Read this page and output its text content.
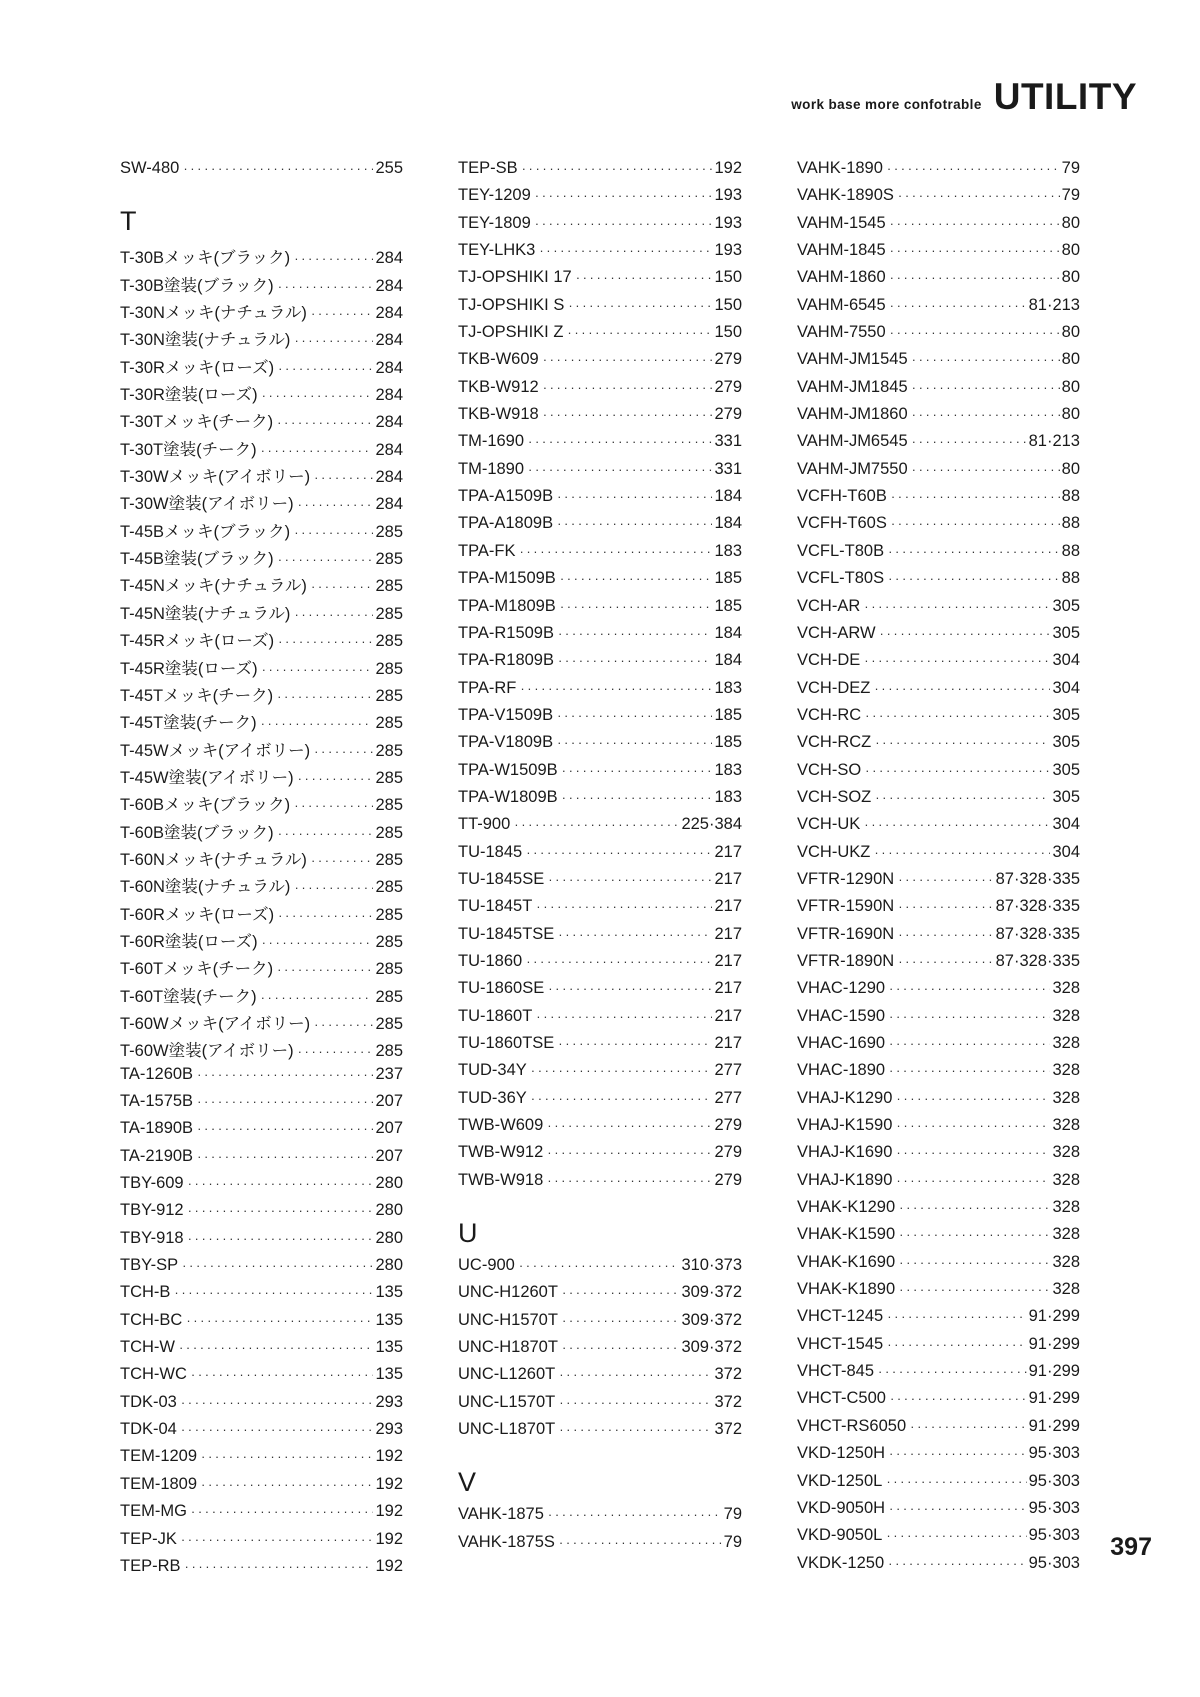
work base more confotrable UTILITY
SW-480 ·····	255
T
T-30Bメッキ(ブラック) ·····	284
T-30B塗装(ブラック) ·····	284
T-30Nメッキ(ナチュラル) ·····	284
T-30N塗装(ナチュラル) ·····	284
T-30Rメッキ(ローズ) ·····	284
T-30R塗装(ローズ) ·····	284
T-30Tメッキ(チーク) ·····	284
T-30T塗装(チーク) ·····	284
T-30Wメッキ(アイボリー) ·····	284
T-30W塗装(アイボリー) ·····	284
T-45Bメッキ(ブラック) ·····	285
T-45B塗装(ブラック) ·····	285
T-45Nメッキ(ナチュラル) ·····	285
T-45N塗装(ナチュラル) ·····	285
T-45Rメッキ(ローズ) ·····	285
T-45R塗装(ローズ) ·····	285
T-45Tメッキ(チーク) ·····	285
T-45T塗装(チーク) ·····	285
T-45Wメッキ(アイボリー) ·····	285
T-45W塗装(アイボリー) ·····	285
T-60Bメッキ(ブラック) ·····	285
T-60B塗装(ブラック) ·····	285
T-60Nメッキ(ナチュラル) ·····	285
T-60N塗装(ナチュラル) ·····	285
T-60Rメッキ(ローズ) ·····	285
T-60R塗装(ローズ) ·····	285
T-60Tメッキ(チーク) ·····	285
T-60T塗装(チーク) ·····	285
T-60Wメッキ(アイボリー) ·····	285
T-60W塗装(アイボリー) ·····	285
TA-1260B ·····	237
TA-1575B ·····	207
TA-1890B ·····	207
TA-2190B ·····	207
TBY-609 ·····	280
TBY-912 ·····	280
TBY-918 ·····	280
TBY-SP ·····	280
TCH-B ·····	135
TCH-BC ·····	135
TCH-W ·····	135
TCH-WC ·····	135
TDK-03 ·····	293
TDK-04 ·····	293
TEM-1209 ·····	192
TEM-1809 ·····	192
TEM-MG ·····	192
TEP-JK ·····	192
TEP-RB ·····	192
TEP-SB ·····	192
TEY-1209 ·····	193
TEY-1809 ·····	193
TEY-LHK3 ·····	193
TJ-OPSHIKI 17 ·····	150
TJ-OPSHIKI S ·····	150
TJ-OPSHIKI Z ·····	150
TKB-W609 ·····	279
TKB-W912 ·····	279
TKB-W918 ·····	279
TM-1690 ·····	331
TM-1890 ·····	331
TPA-A1509B ·····	184
TPA-A1809B ·····	184
TPA-FK ·····	183
TPA-M1509B ·····	185
TPA-M1809B ·····	185
TPA-R1509B ·····	184
TPA-R1809B ·····	184
TPA-RF ·····	183
TPA-V1509B ·····	185
TPA-V1809B ·····	185
TPA-W1509B ·····	183
TPA-W1809B ·····	183
TT-900 ·····	225·384
TU-1845 ·····	217
TU-1845SE ·····	217
TU-1845T ·····	217
TU-1845TSE ·····	217
TU-1860 ·····	217
TU-1860SE ·····	217
TU-1860T ·····	217
TU-1860TSE ·····	217
TUD-34Y ·····	277
TUD-36Y ·····	277
TWB-W609 ·····	279
TWB-W912 ·····	279
TWB-W918 ·····	279
U
UC-900 ·····	310·373
UNC-H1260T ·····	309·372
UNC-H1570T ·····	309·372
UNC-H1870T ·····	309·372
UNC-L1260T ·····	372
UNC-L1570T ·····	372
UNC-L1870T ·····	372
V
VAHK-1875 ·····	79
VAHK-1875S ·····	79
VAHK-1890 ·····	79
VAHK-1890S ·····	79
VAHM-1545 ·····	80
VAHM-1845 ·····	80
VAHM-1860 ·····	80
VAHM-6545 ·····	81·213
VAHM-7550 ·····	80
VAHM-JM1545 ·····	80
VAHM-JM1845 ·····	80
VAHM-JM1860 ·····	80
VAHM-JM6545 ·····	81·213
VAHM-JM7550 ·····	80
VCFH-T60B ·····	88
VCFH-T60S ·····	88
VCFL-T80B ·····	88
VCFL-T80S ·····	88
VCH-AR ·····	305
VCH-ARW ·····	305
VCH-DE ·····	304
VCH-DEZ ·····	304
VCH-RC ·····	305
VCH-RCZ ·····	305
VCH-SO ·····	305
VCH-SOZ ·····	305
VCH-UK ·····	304
VCH-UKZ ·····	304
VFTR-1290N ·····	87·328·335
VFTR-1590N ·····	87·328·335
VFTR-1690N ·····	87·328·335
VFTR-1890N ·····	87·328·335
VHAC-1290 ·····	328
VHAC-1590 ·····	328
VHAC-1690 ·····	328
VHAC-1890 ·····	328
VHAJ-K1290 ·····	328
VHAJ-K1590 ·····	328
VHAJ-K1690 ·····	328
VHAJ-K1890 ·····	328
VHAK-K1290 ·····	328
VHAK-K1590 ·····	328
VHAK-K1690 ·····	328
VHAK-K1890 ·····	328
VHCT-1245 ·····	91·299
VHCT-1545 ·····	91·299
VHCT-845 ·····	91·299
VHCT-C500 ·····	91·299
VHCT-RS6050 ·····	91·299
VKD-1250H ·····	95·303
VKD-1250L ·····	95·303
VKD-9050H ·····	95·303
VKD-9050L ·····	95·303
VKDK-1250 ·····	95·303
397
